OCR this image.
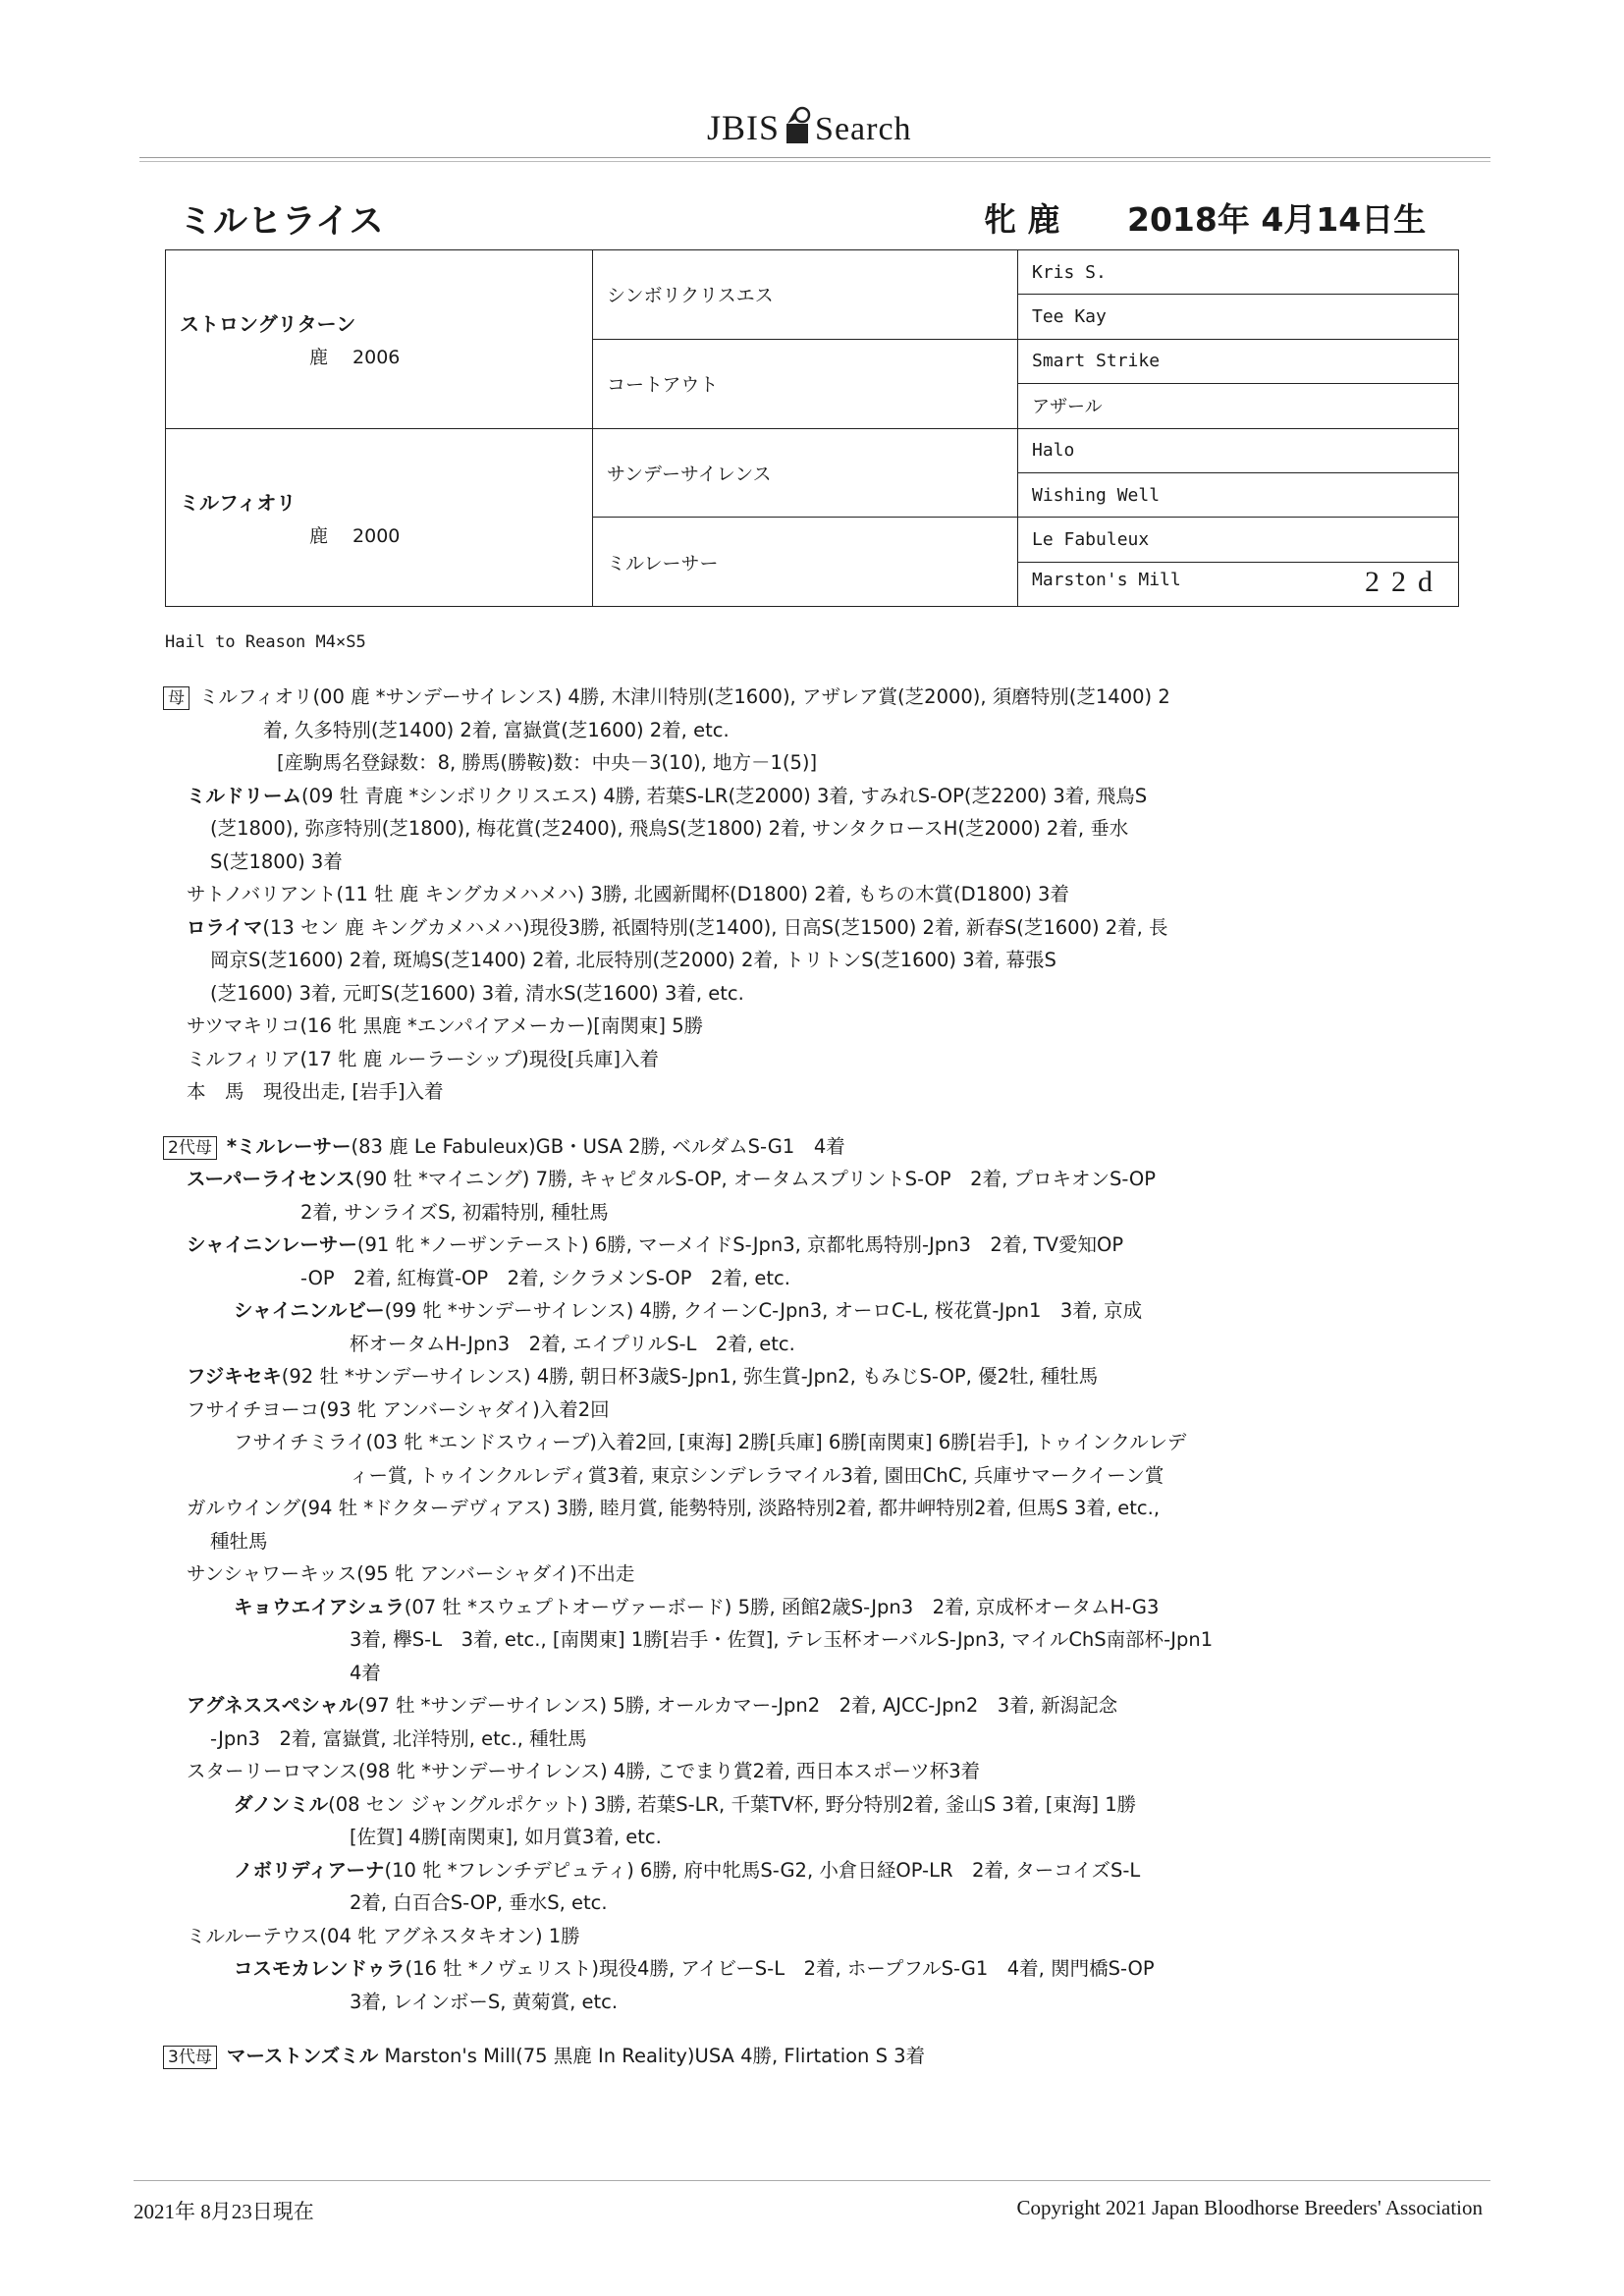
JBIS Search
ミルヒライス	牝 鹿 2018年 4月14日生
ストロングリターン
鹿　 2006	シンボリクリスエス	Kris S.
		Tee Kay
	コートアウト	Smart Strike
		アザール

ミルフィオリ
鹿　 2000	サンデーサイレンス	Halo
		Wishing Well
	ミルレーサー	Le Fabuleux
		Marston's Mill 22d
Hail to Reason M4×S5

母 ミルフィオリ(00 鹿 *サンデーサイレンス) 4勝, 木津川特別(芝1600), アザレア賞(芝2000), 須磨特別(芝1400) 2

着, 久多特別(芝1400) 2着, 富嶽賞(芝1600) 2着, etc.

[産駒馬名登録数：8, 勝馬(勝鞍)数：中央－3(10), 地方－1(5)]

ミルドリーム(09 牡 青鹿 *シンボリクリスエス) 4勝, 若葉S-LR(芝2000) 3着, すみれS-OP(芝2200) 3着, 飛鳥S

(芝1800), 弥彦特別(芝1800), 梅花賞(芝2400), 飛鳥S(芝1800) 2着, サンタクロースH(芝2000) 2着, 垂水

S(芝1800) 3着

サトノバリアント(11 牡 鹿 キングカメハメハ) 3勝, 北國新聞杯(D1800) 2着, もちの木賞(D1800) 3着

ロライマ(13 セン 鹿 キングカメハメハ)現役3勝, 祇園特別(芝1400), 日高S(芝1500) 2着, 新春S(芝1600) 2着, 長

岡京S(芝1600) 2着, 斑鳩S(芝1400) 2着, 北辰特別(芝2000) 2着, トリトンS(芝1600) 3着, 幕張S

(芝1600) 3着, 元町S(芝1600) 3着, 清水S(芝1600) 3着, etc.

サツマキリコ(16 牝 黒鹿 *エンパイアメーカー)[南関東] 5勝

ミルフィリア(17 牝 鹿 ルーラーシップ)現役[兵庫]入着

本　馬　現役出走, [岩手]入着

2代母 *ミルレーサー(83 鹿 Le Fabuleux)GB・USA 2勝, ベルダムS-G1　4着

スーパーライセンス(90 牡 *マイニング) 7勝, キャピタルS-OP, オータムスプリントS-OP　2着, プロキオンS-OP

2着, サンライズS, 初霜特別, 種牡馬

シャイニンレーサー(91 牝 *ノーザンテースト) 6勝, マーメイドS-Jpn3, 京都牝馬特別-Jpn3　2着, TV愛知OP

-OP　2着, 紅梅賞-OP　2着, シクラメンS-OP　2着, etc.

シャイニンルビー(99 牝 *サンデーサイレンス) 4勝, クイーンC-Jpn3, オーロC-L, 桜花賞-Jpn1　3着, 京成

杯オータムH-Jpn3　2着, エイプリルS-L　2着, etc.

フジキセキ(92 牡 *サンデーサイレンス) 4勝, 朝日杯3歳S-Jpn1, 弥生賞-Jpn2, もみじS-OP, 優2牡, 種牡馬

フサイチヨーコ(93 牝 アンバーシャダイ)入着2回

フサイチミライ(03 牝 *エンドスウィープ)入着2回, [東海] 2勝[兵庫] 6勝[南関東] 6勝[岩手], トゥインクルレデ

ィー賞, トゥインクルレディ賞3着, 東京シンデレラマイル3着, 園田ChC, 兵庫サマークイーン賞

ガルウイング(94 牡 *ドクターデヴィアス) 3勝, 睦月賞, 能勢特別, 淡路特別2着, 都井岬特別2着, 但馬S 3着, etc.,

種牡馬

サンシャワーキッス(95 牝 アンバーシャダイ)不出走

キョウエイアシュラ(07 牡 *スウェプトオーヴァーボード) 5勝, 函館2歳S-Jpn3　2着, 京成杯オータムH-G3

3着, 欅S-L　3着, etc., [南関東] 1勝[岩手・佐賀], テレ玉杯オーバルS-Jpn3, マイルChS南部杯-Jpn1

4着

アグネススペシャル(97 牡 *サンデーサイレンス) 5勝, オールカマー-Jpn2　2着, AJCC-Jpn2　3着, 新潟記念

-Jpn3　2着, 富嶽賞, 北洋特別, etc., 種牡馬

スターリーロマンス(98 牝 *サンデーサイレンス) 4勝, こでまり賞2着, 西日本スポーツ杯3着

ダノンミル(08 セン ジャングルポケット) 3勝, 若葉S-LR, 千葉TV杯, 野分特別2着, 釜山S 3着, [東海] 1勝

[佐賀] 4勝[南関東], 如月賞3着, etc.

ノボリディアーナ(10 牝 *フレンチデピュティ) 6勝, 府中牝馬S-G2, 小倉日経OP-LR　2着, ターコイズS-L

2着, 白百合S-OP, 垂水S, etc.

ミルルーテウス(04 牝 アグネスタキオン) 1勝

コスモカレンドゥラ(16 牡 *ノヴェリスト)現役4勝, アイビーS-L　2着, ホープフルS-G1　4着, 関門橋S-OP

3着, レインボーS, 黄菊賞, etc.

3代母 マーストンズミル Marston's Mill(75 黒鹿 In Reality)USA 4勝, Flirtation S 3着

2021年 8月23日現在	Copyright 2021 Japan Bloodhorse Breeders' Association
